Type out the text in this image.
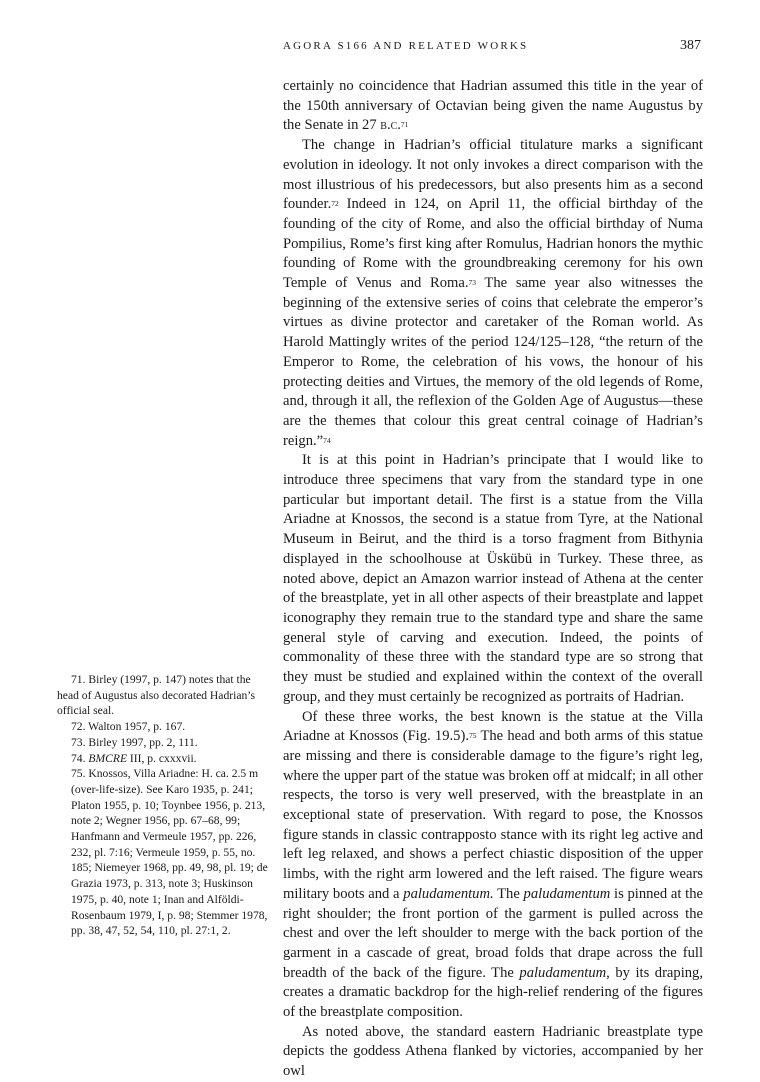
AGORA S166 AND RELATED WORKS	387

certainly no coincidence that Hadrian assumed this title in the year of the 150th anniversary of Octavian being given the name Augustus by the Senate in 27 b.c.$^{71}$

The change in Hadrian’s official titulature marks a significant evolution in ideology. It not only invokes a direct comparison with the most illustrious of his predecessors, but also presents him as a second founder.$^{72}$ Indeed in 124, on April 11, the official birthday of the founding of the city of Rome, and also the official birthday of Numa Pompilius, Rome’s first king after Romulus, Hadrian honors the mythic founding of Rome with the groundbreaking ceremony for his own Temple of Venus and Roma.$^{73}$ The same year also witnesses the beginning of the extensive series of coins that celebrate the emperor’s virtues as divine protector and caretaker of the Roman world. As Harold Mattingly writes of the period 124/125–128, “the return of the Emperor to Rome, the celebration of his vows, the honour of his protecting deities and Virtues, the memory of the old legends of Rome, and, through it all, the reflexion of the Golden Age of Augustus—these are the themes that colour this great central coinage of Hadrian’s reign.”$^{74}$

It is at this point in Hadrian’s principate that I would like to introduce three specimens that vary from the standard type in one particular but important detail. The first is a statue from the Villa Ariadne at Knossos, the second is a statue from Tyre, at the National Museum in Beirut, and the third is a torso fragment from Bithynia displayed in the schoolhouse at Üskübü in Turkey. These three, as noted above, depict an Amazon warrior instead of Athena at the center of the breastplate, yet in all other aspects of their breastplate and lappet iconography they remain true to the standard type and share the same general style of carving and execution. Indeed, the points of commonality of these three with the standard type are so strong that they must be studied and explained within the context of the overall group, and they must certainly be recognized as portraits of Hadrian.

Of these three works, the best known is the statue at the Villa Ariadne at Knossos (Fig. 19.5).$^{75}$ The head and both arms of this statue are missing and there is considerable damage to the figure’s right leg, where the upper part of the statue was broken off at midcalf; in all other respects, the torso is very well preserved, with the breastplate in an exceptional state of preservation. With regard to pose, the Knossos figure stands in classic contrapposto stance with its right leg active and left leg relaxed, and shows a perfect chiastic disposition of the upper limbs, with the right arm lowered and the left raised. The figure wears military boots and a paludamentum. The paludamentum is pinned at the right shoulder; the front portion of the garment is pulled across the chest and over the left shoulder to merge with the back portion of the garment in a cascade of great, broad folds that drape across the full breadth of the back of the figure. The paludamentum, by its draping, creates a dramatic backdrop for the high-relief rendering of the figures of the breastplate composition.

As noted above, the standard eastern Hadrianic breastplate type depicts the goddess Athena flanked by victories, accompanied by her owl

71. Birley (1997, p. 147) notes that the head of Augustus also decorated Hadrian’s official seal.
72. Walton 1957, p. 167.
73. Birley 1997, pp. 2, 111.
74. BMCRE III, p. cxxxvii.
75. Knossos, Villa Ariadne: H. ca. 2.5 m (over-life-size). See Karo 1935, p. 241; Platon 1955, p. 10; Toynbee 1956, p. 213, note 2; Wegner 1956, pp. 67–68, 99; Hanfmann and Vermeule 1957, pp. 226, 232, pl. 7:16; Vermeule 1959, p. 55, no. 185; Niemeyer 1968, pp. 49, 98, pl. 19; de Grazia 1973, p. 313, note 3; Huskinson 1975, p. 40, note 1; Inan and Alföldi-Rosenbaum 1979, I, p. 98; Stemmer 1978, pp. 38, 47, 52, 54, 110, pl. 27:1, 2.
